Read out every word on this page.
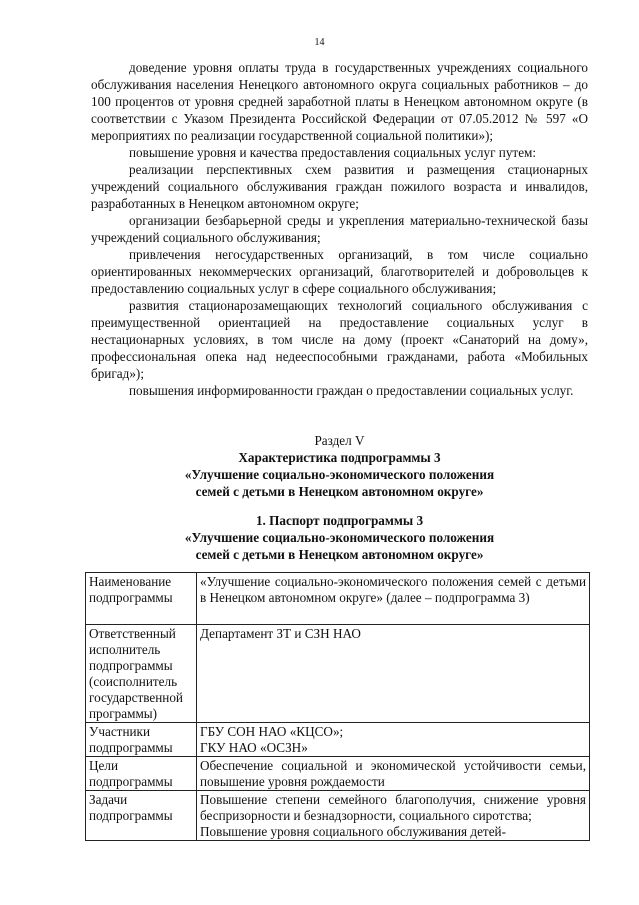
14

доведение уровня оплаты труда в государственных учреждениях социального обслуживания населения Ненецкого автономного округа социальных работников – до 100 процентов от уровня средней заработной платы в Ненецком автономном округе (в соответствии с Указом Президента Российской Федерации от 07.05.2012 № 597 «О мероприятиях по реализации государственной социальной политики»);

повышение уровня и качества предоставления социальных услуг путем:

реализации перспективных схем развития и размещения стационарных учреждений социального обслуживания граждан пожилого возраста и инвалидов, разработанных в Ненецком автономном округе;

организации безбарьерной среды и укрепления материально-технической базы учреждений социального обслуживания;

привлечения негосударственных организаций, в том числе социально ориентированных некоммерческих организаций, благотворителей и добровольцев к предоставлению социальных услуг в сфере социального обслуживания;

развития стационарозамещающих технологий социального обслуживания с преимущественной ориентацией на предоставление социальных услуг в нестационарных условиях, в том числе на дому (проект «Санаторий на дому», профессиональная опека над недееспособными гражданами, работа «Мобильных бригад»);

повышения информированности граждан о предоставлении социальных услуг.

Раздел V
Характеристика подпрограммы 3
«Улучшение социально-экономического положения
семей с детьми в Ненецком автономном округе»
1. Паспорт подпрограммы 3
«Улучшение социально-экономического положения
семей с детьми в Ненецком автономном округе»
Наименование подпрограммы	«Улучшение социально-экономического положения семей с детьми в Ненецком автономном округе» (далее – подпрограмма 3)

Ответственный исполнитель подпрограммы (соисполнитель государственной программы)	Департамент ЗТ и СЗН НАО

Участники подпрограммы	ГБУ СОН НАО «КЦСО»;
ГКУ НАО «ОСЗН»

Цели подпрограммы	Обеспечение социальной и экономической устойчивости семьи, повышение уровня рождаемости

Задачи подпрограммы	Повышение степени семейного благополучия, снижение уровня беспризорности и безнадзорности, социального сиротства;
Повышение уровня социального обслуживания детей-
